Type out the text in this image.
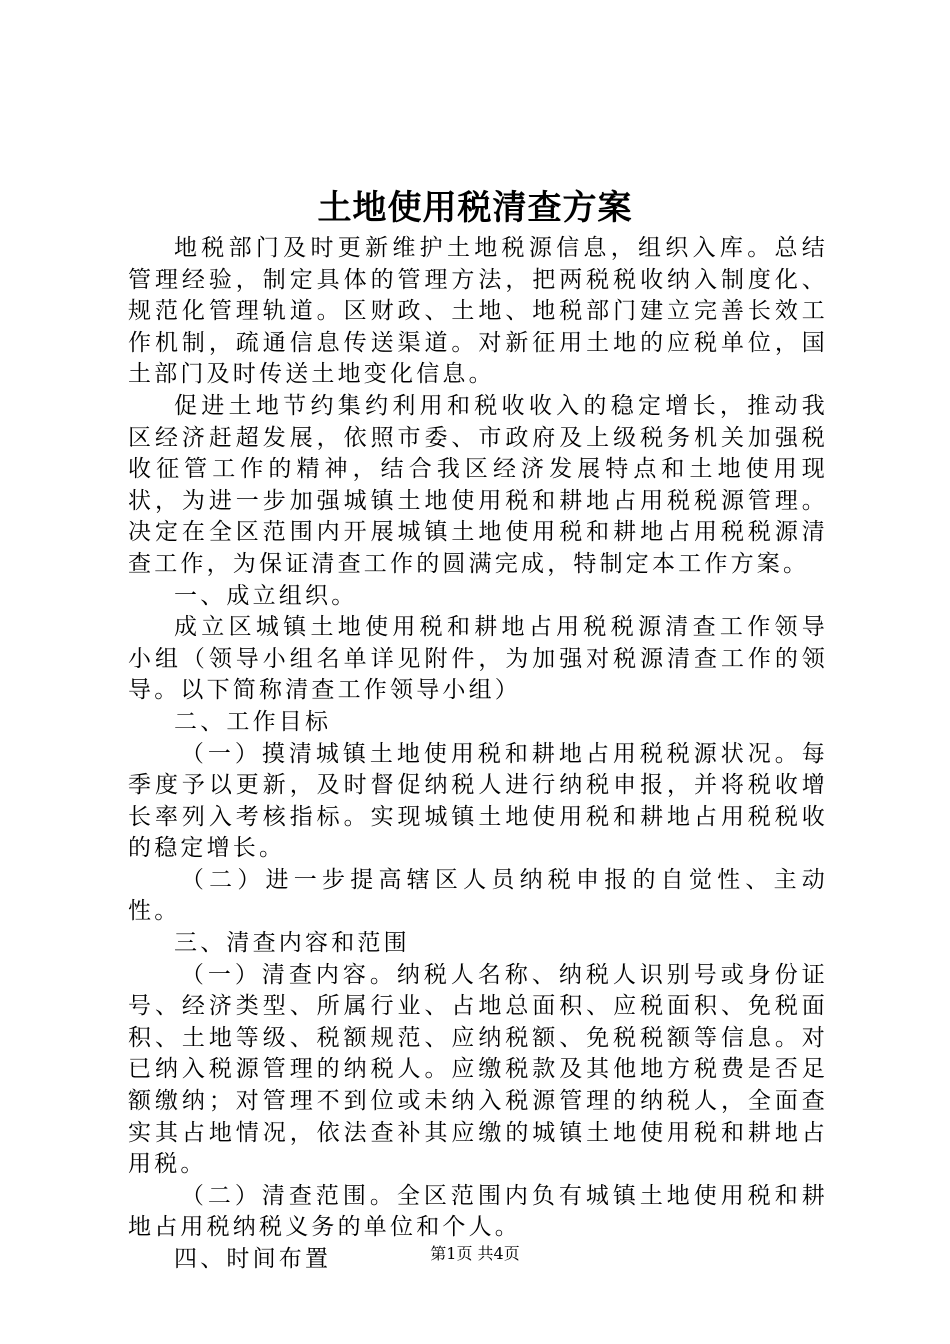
土地使用税清查方案

地税部门及时更新维护土地税源信息，组织入库。总结管理经验，制定具体的管理方法，把两税税收纳入制度化、规范化管理轨道。区财政、土地、地税部门建立完善长效工作机制，疏通信息传送渠道。对新征用土地的应税单位，国土部门及时传送土地变化信息。

促进土地节约集约利用和税收收入的稳定增长，推动我区经济赶超发展，依照市委、市政府及上级税务机关加强税收征管工作的精神，结合我区经济发展特点和土地使用现状，为进一步加强城镇土地使用税和耕地占用税税源管理。决定在全区范围内开展城镇土地使用税和耕地占用税税源清查工作，为保证清查工作的圆满完成，特制定本工作方案。

一、成立组织。

成立区城镇土地使用税和耕地占用税税源清查工作领导小组（领导小组名单详见附件，为加强对税源清查工作的领导。以下简称清查工作领导小组）

二、工作目标

（一）摸清城镇土地使用税和耕地占用税税源状况。每季度予以更新，及时督促纳税人进行纳税申报，并将税收增长率列入考核指标。实现城镇土地使用税和耕地占用税税收的稳定增长。

（二）进一步提高辖区人员纳税申报的自觉性、主动性。

三、清查内容和范围

（一）清查内容。纳税人名称、纳税人识别号或身份证号、经济类型、所属行业、占地总面积、应税面积、免税面积、土地等级、税额规范、应纳税额、免税税额等信息。对已纳入税源管理的纳税人。应缴税款及其他地方税费是否足额缴纳；对管理不到位或未纳入税源管理的纳税人，全面查实其占地情况，依法查补其应缴的城镇土地使用税和耕地占用税。

（二）清查范围。全区范围内负有城镇土地使用税和耕地占用税纳税义务的单位和个人。

四、时间布置	第1页 共4页
